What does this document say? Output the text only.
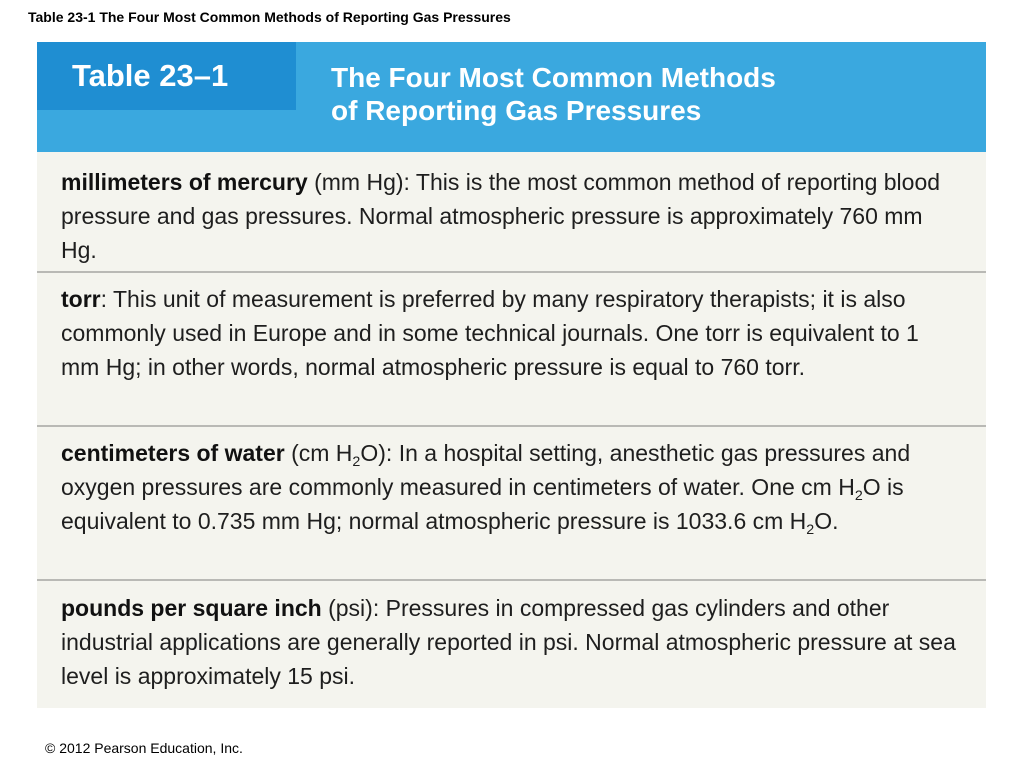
Table 23-1 The Four Most Common Methods of Reporting Gas Pressures
Table 23–1	The Four Most Common Methods
of Reporting Gas Pressures

millimeters of mercury (mm Hg): This is the most common method of reporting blood pressure and gas pressures. Normal atmospheric pressure is approximately 760 mm Hg.

torr: This unit of measurement is preferred by many respiratory therapists; it is also commonly used in Europe and in some technical journals. One torr is equivalent to 1 mm Hg; in other words, normal atmospheric pressure is equal to 760 torr.

centimeters of water (cm $H_2O$): In a hospital setting, anesthetic gas pressures and oxygen pressures are commonly measured in centimeters of water. One cm $H_2O$ is equivalent to 0.735 mm Hg; normal atmospheric pressure is 1033.6 cm $H_2O$.

pounds per square inch (psi): Pressures in compressed gas cylinders and other industrial applications are generally reported in psi. Normal atmospheric pressure at sea level is approximately 15 psi.

© 2012 Pearson Education, Inc.
